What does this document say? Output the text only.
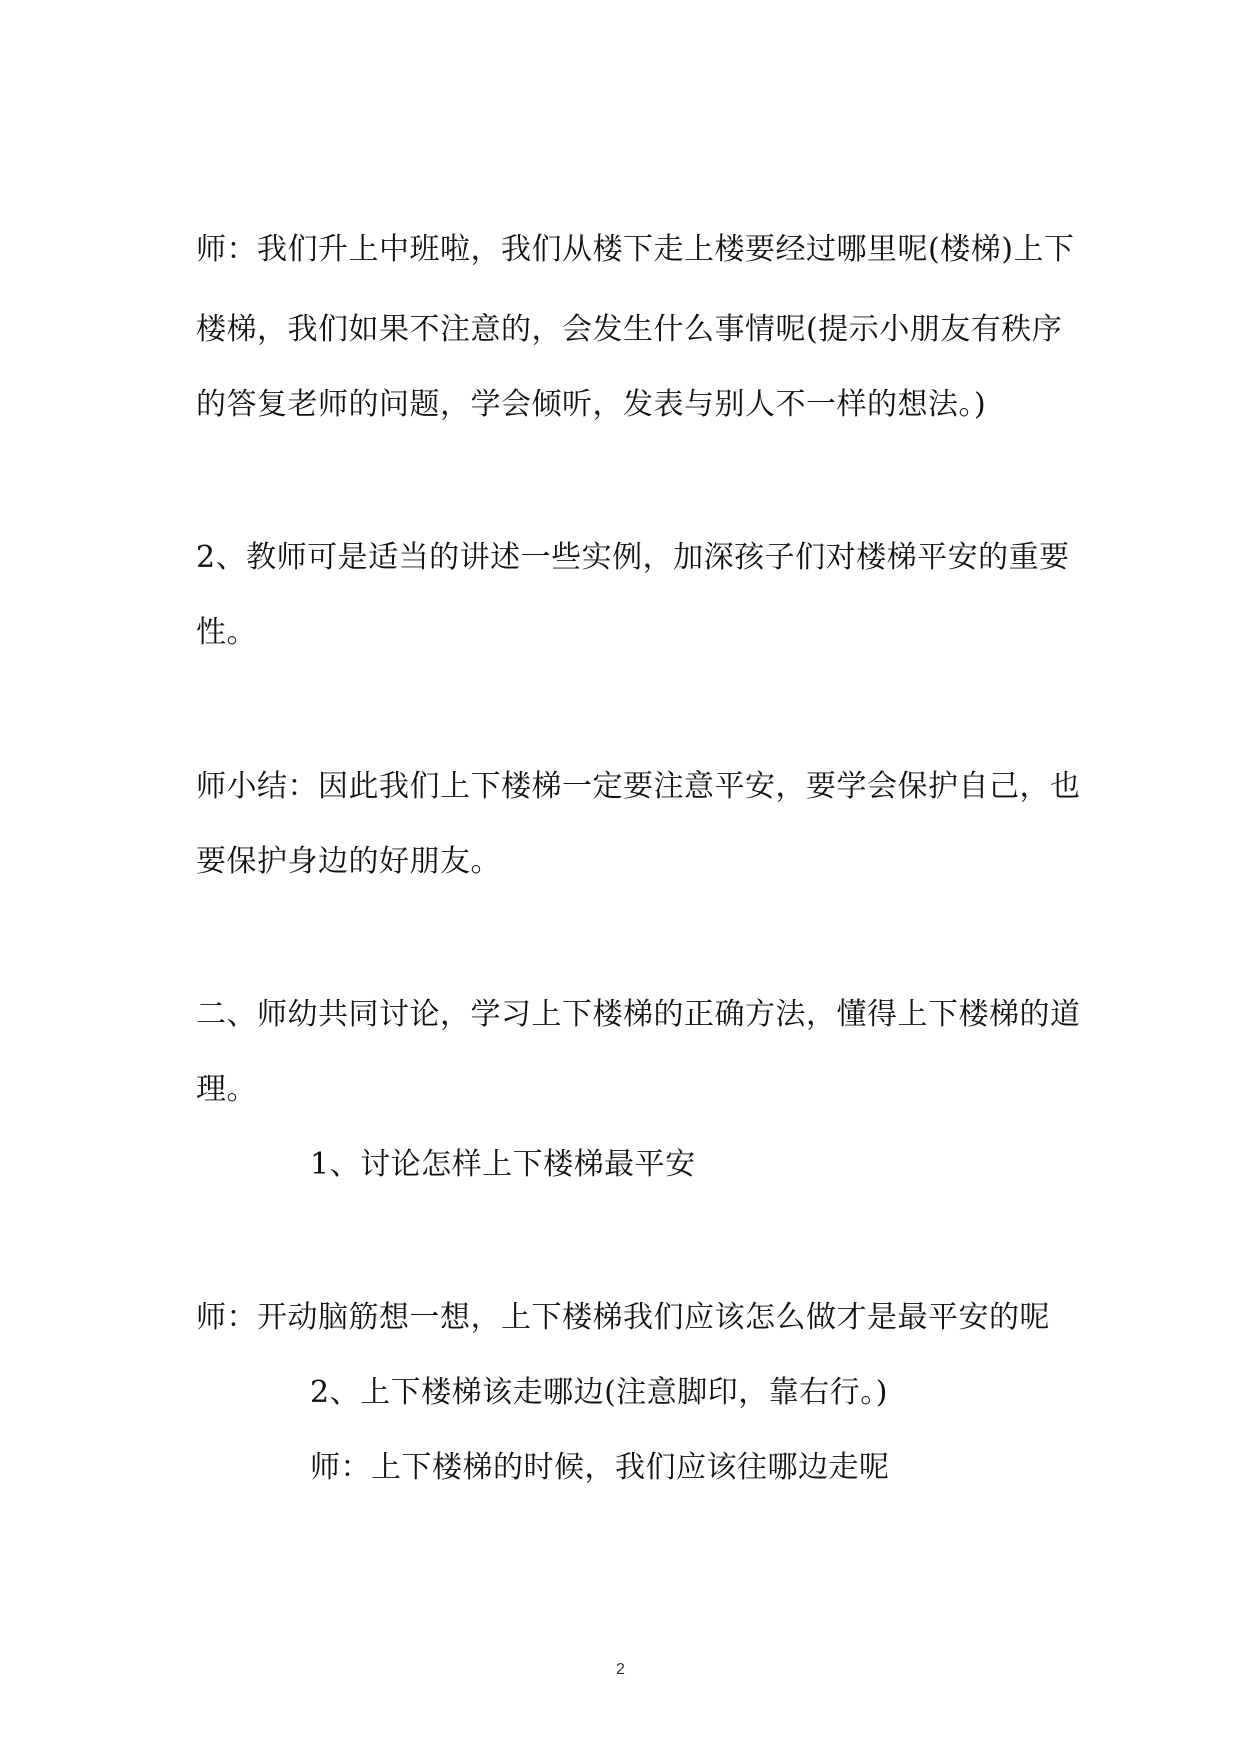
师：我们升上中班啦，我们从楼下走上楼要经过哪里呢(楼梯)上下
楼梯，我们如果不注意的，会发生什么事情呢(提示小朋友有秩序
的答复老师的问题，学会倾听，发表与别人不一样的想法。)
2、教师可是适当的讲述一些实例，加深孩子们对楼梯平安的重要
性。
师小结：因此我们上下楼梯一定要注意平安，要学会保护自己，也
要保护身边的好朋友。
二、师幼共同讨论，学习上下楼梯的正确方法，懂得上下楼梯的道
理。
1、讨论怎样上下楼梯最平安
师：开动脑筋想一想，上下楼梯我们应该怎么做才是最平安的呢
2、上下楼梯该走哪边(注意脚印，靠右行。)
师：上下楼梯的时候，我们应该往哪边走呢
2
